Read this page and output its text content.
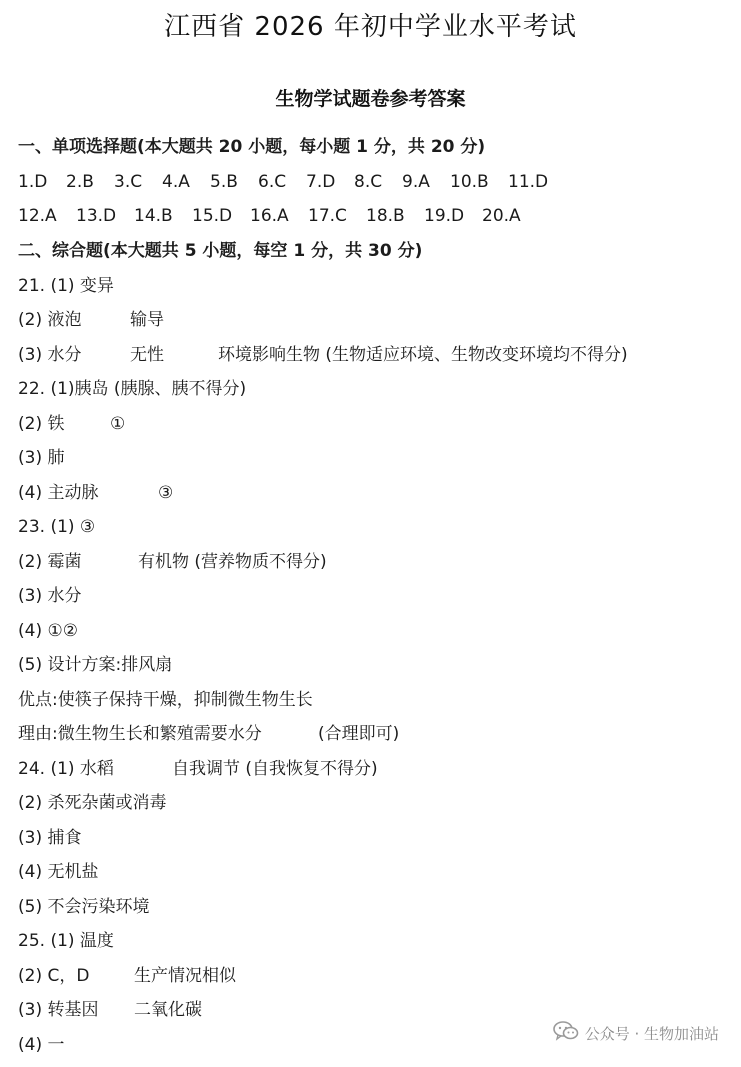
江西省 2026 年初中学业水平考试
生物学试题卷参考答案
一、单项选择题(本大题共 20 小题，每小题 1 分，共 20 分)
1.D	2.B	3.C	4.A	5.B	6.C	7.D	8.C	9.A	10.B	11.D
12.A	13.D	14.B	15.D	16.A	17.C	18.B	19.D	20.A
二、综合题(本大题共 5 小题，每空 1 分，共 30 分)
21. (1) 变异
(2) 液泡	输导
(3) 水分	无性	环境影响生物 (生物适应环境、生物改变环境均不得分)
22. (1)胰岛 (胰腺、胰不得分)
(2) 铁	①
(3) 肺
(4) 主动脉	③
23. (1) ③
(2) 霉菌	有机物 (营养物质不得分)
(3) 水分
(4) ①②
(5) 设计方案:排风扇
优点:使筷子保持干燥，抑制微生物生长
理由:微生物生长和繁殖需要水分	(合理即可)
24. (1) 水稻	自我调节 (自我恢复不得分)
(2) 杀死杂菌或消毒
(3) 捕食
(4) 无机盐
(5) 不会污染环境
25. (1) 温度
(2) C，D	生产情况相似
(3) 转基因 二氧化碳
(4) 一
公众号 · 生物加油站
